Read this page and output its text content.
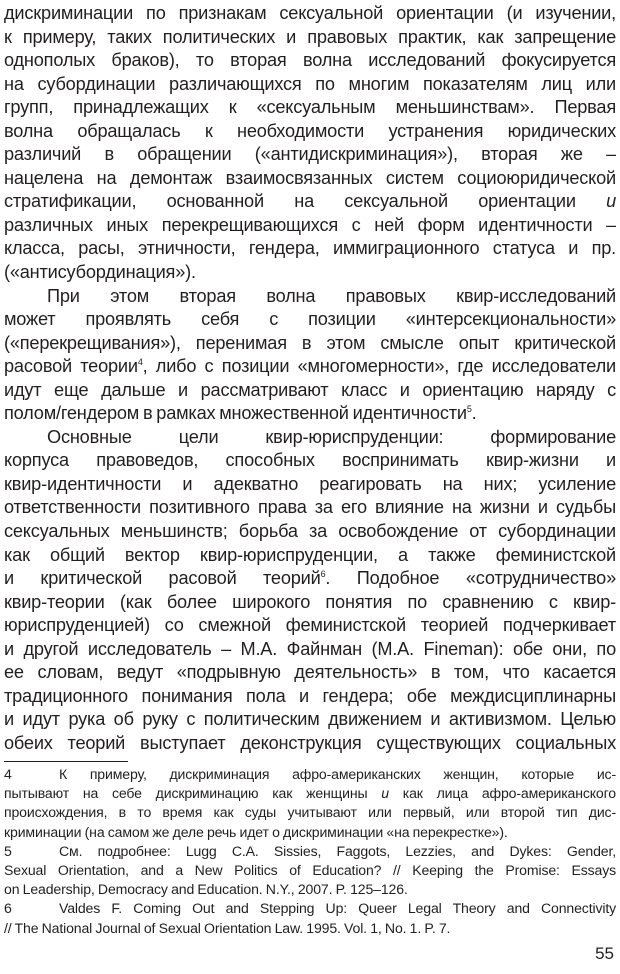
дискриминации по признакам сексуальной ориентации (и изучении,
к примеру, таких политических и правовых практик, как запрещение
однополых браков), то вторая волна исследований фокусируется
на субординации различающихся по многим показателям лиц или
групп, принадлежащих к «сексуальным меньшинствам». Первая
волна обращалась к необходимости устранения юридических
различий в обращении («антидискриминация»), вторая же –
нацелена на демонтаж взаимосвязанных систем социоюридической
стратификации, основанной на сексуальной ориентации и
различных иных перекрещивающихся с ней форм идентичности –
класса, расы, этничности, гендера, иммиграционного статуса и пр.
(«антисубординация»).
При этом вторая волна правовых квир-исследований
может проявлять себя с позиции «интерсекциональности»
(«перекрещивания»), перенимая в этом смысле опыт критической
расовой теории$^4$, либо с позиции «многомерности», где исследователи
идут еще дальше и рассматривают класс и ориентацию наряду с
полом/гендером в рамках множественной идентичности$^5$.
Основные цели квир-юриспруденции: формирование
корпуса правоведов, способных воспринимать квир-жизни и
квир-идентичности и адекватно реагировать на них; усиление
ответственности позитивного права за его влияние на жизни и судьбы
сексуальных меньшинств; борьба за освобождение от субординации
как общий вектор квир-юриспруденции, а также феминистской
и критической расовой теорий$^6$. Подобное «сотрудничество»
квир-теории (как более широкого понятия по сравнению с квир-
юриспруденцией) со смежной феминистской теорией подчеркивает
и другой исследователь – М.А. Файнман (M.A. Fineman): обе они, по
ее словам, ведут «подрывную деятельность» в том, что касается
традиционного понимания пола и гендера; обе междисциплинарны
и идут рука об руку с политическим движением и активизмом. Целью
обеих теорий выступает деконструкция существующих социальных
4	К примеру, дискриминация афро-американских женщин, которые ис-
пытывают на себе дискриминацию как женщины и как лица афро-американского
происхождения, в то время как суды учитывают или первый, или второй тип дис-
криминации (на самом же деле речь идет о дискриминации «на перекрестке»).
5	См. подробнее: Lugg C.A. Sissies, Faggots, Lezzies, and Dykes: Gender,
Sexual Orientation, and a New Politics of Education? // Keeping the Promise: Essays
on Leadership, Democracy and Education. N.Y., 2007. P. 125–126.
6	Valdes F. Coming Out and Stepping Up: Queer Legal Theory and Connectivity
// The National Journal of Sexual Orientation Law. 1995. Vol. 1, No. 1. P. 7.
55
